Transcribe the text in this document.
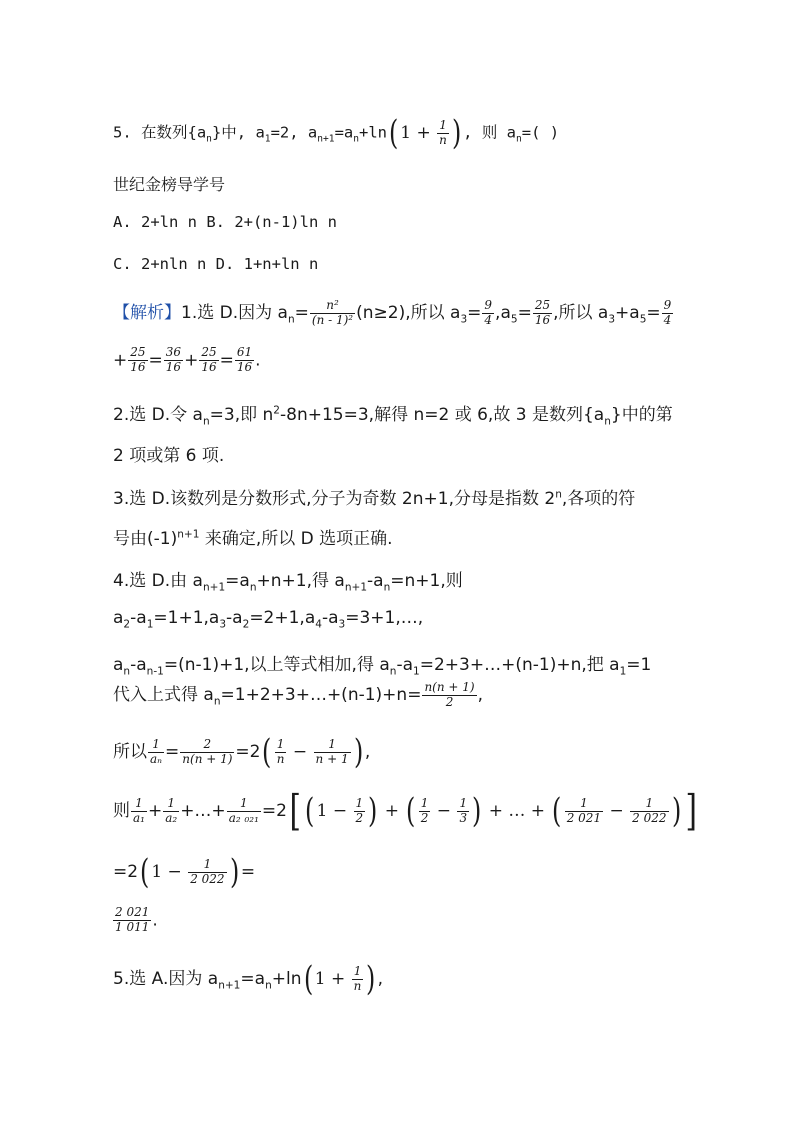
5. 在数列$\{a_n\}$中, $a_1=2$, $a_{n+1}=a_n+\ln$( $1 + \frac{1}{n}$ ) , 则 $a_n=$( )
世纪金榜导学号
A. 2+ln n B. 2+(n-1)ln n
C. 2+nln n D. 1+n+ln n
【解析】1.选 D.因为 $a_n= \frac{\text{n²}}{\text{(n - 1)²}} (n\ge 2)$,所以 $a_3= \frac{9}{4} ,a_5= \frac{25}{16}$ ,所以 $a_3+a_5= \frac{9}{4}$
+ $\frac{25}{16} = \frac{36}{16} + \frac{25}{16} = \frac{61}{16}$ .
2.选 D.令 $a_n=3$,即 $n^2-8n+15=3$,解得 n=2 或 6,故 3 是数列$\{a_n\}$中的第
2 项或第 6 项.
3.选 D.该数列是分数形式,分子为奇数 2n+1,分母是指数 2$^n$,各项的符
号由$(-1)^{n+1}$ 来确定,所以 D 选项正确.
4.选 D.由 $a_{n+1}=a_n+n+1$,得 $a_{n+1}-a_n=n+1$,则
$a_2-a_1=1+1,a_3-a_2=2+1,a_4-a_3=3+1,\dots$,
$a_n-a_{n-1}=(n-1)+1$,以上等式相加,得 $a_n-a_1=2+3+\dots+(n-1)+n$,把 $a_1=1$
代入上式得 $a_n=1+2+3+\dots+(n-1)+n= \frac{n(n + 1)}{2}$ ,
所以 $\frac{1}{\text{aₙ}} = \frac{2}{n(n + 1)} =2( \frac{1}{n} - \frac{1}{n + 1}$ ) ,
则 $\frac{1}{\text{a₁}} + \frac{1}{\text{a₂}}$ +…+ $\frac{1}{\text{a₂ ₀₂₁}} =2$[ ( $1 - \frac{1}{2}$ ) + ( $\frac{1}{2} - \frac{1}{3}$ ) + … + ( $\frac{1}{2 021} - \frac{1}{2 022}$ ) ]
=2( $1 - \frac{1}{2 022}$ ) =
$\frac{2 021}{1 011}$ .
5.选 A.因为 $a_{n+1}=a_n+\ln$( $1 + \frac{1}{n}$ ) ,
